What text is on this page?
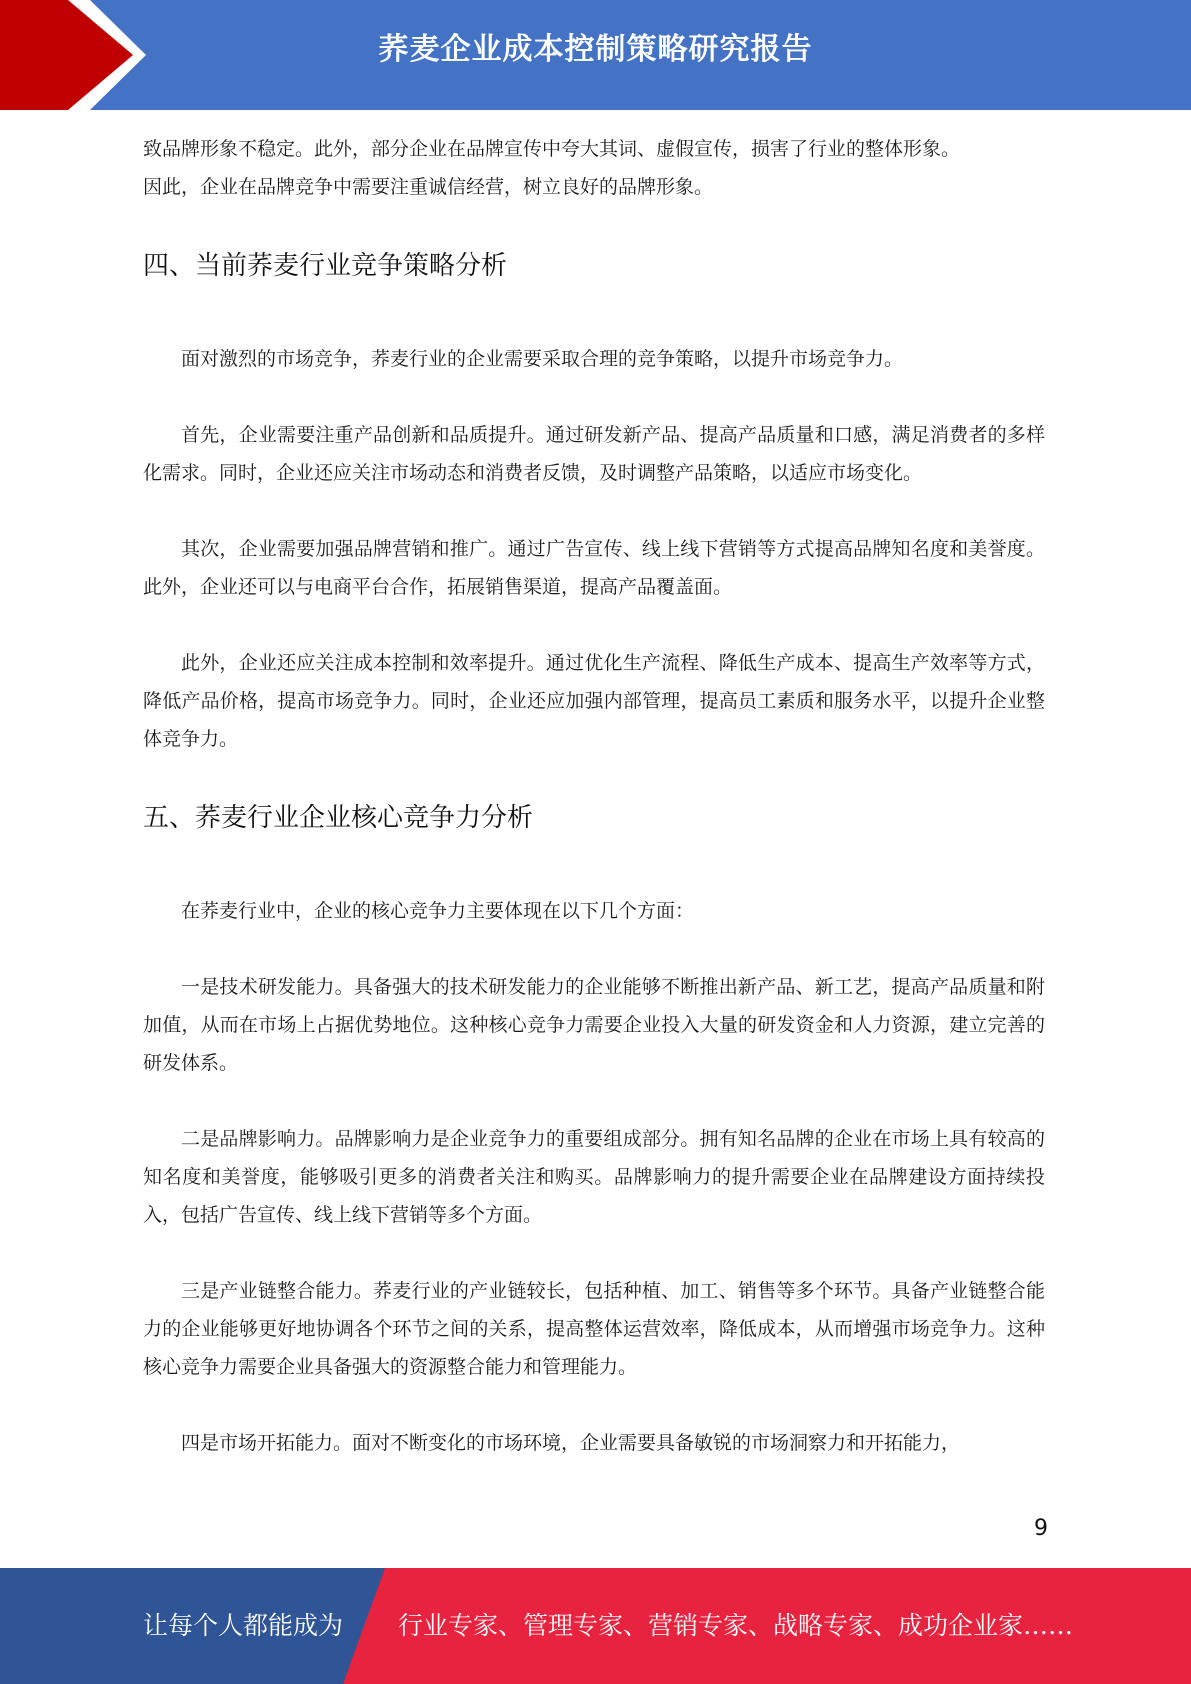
荞麦企业成本控制策略研究报告

致品牌形象不稳定。此外，部分企业在品牌宣传中夸大其词、虚假宣传，损害了行业的整体形象。
因此，企业在品牌竞争中需要注重诚信经营，树立良好的品牌形象。

四、当前荞麦行业竞争策略分析

面对激烈的市场竞争，荞麦行业的企业需要采取合理的竞争策略，以提升市场竞争力。

首先，企业需要注重产品创新和品质提升。通过研发新产品、提高产品质量和口感，满足消费者的多样化需求。同时，企业还应关注市场动态和消费者反馈，及时调整产品策略，以适应市场变化。

其次，企业需要加强品牌营销和推广。通过广告宣传、线上线下营销等方式提高品牌知名度和美誉度。此外，企业还可以与电商平台合作，拓展销售渠道，提高产品覆盖面。

此外，企业还应关注成本控制和效率提升。通过优化生产流程、降低生产成本、提高生产效率等方式，降低产品价格，提高市场竞争力。同时，企业还应加强内部管理，提高员工素质和服务水平，以提升企业整体竞争力。

五、荞麦行业企业核心竞争力分析

在荞麦行业中，企业的核心竞争力主要体现在以下几个方面：

一是技术研发能力。具备强大的技术研发能力的企业能够不断推出新产品、新工艺，提高产品质量和附加值，从而在市场上占据优势地位。这种核心竞争力需要企业投入大量的研发资金和人力资源，建立完善的研发体系。

二是品牌影响力。品牌影响力是企业竞争力的重要组成部分。拥有知名品牌的企业在市场上具有较高的知名度和美誉度，能够吸引更多的消费者关注和购买。品牌影响力的提升需要企业在品牌建设方面持续投入，包括广告宣传、线上线下营销等多个方面。

三是产业链整合能力。荞麦行业的产业链较长，包括种植、加工、销售等多个环节。具备产业链整合能力的企业能够更好地协调各个环节之间的关系，提高整体运营效率，降低成本，从而增强市场竞争力。这种核心竞争力需要企业具备强大的资源整合能力和管理能力。

四是市场开拓能力。面对不断变化的市场环境，企业需要具备敏锐的市场洞察力和开拓能力，

9
让每个人都能成为 行业专家、管理专家、营销专家、战略专家、成功企业家……
